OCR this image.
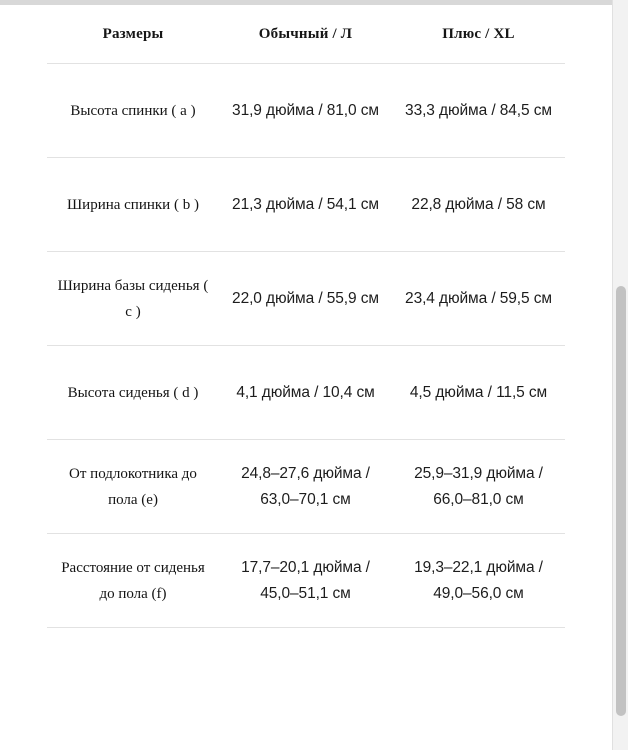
Размеры	Обычный / Л	Плюс / XL
Высота спинки ( a )	31,9 дюйма / 81,0 см	33,3 дюйма / 84,5 см
Ширина спинки ( b )	21,3 дюйма / 54,1 см	22,8 дюйма / 58 см
Ширина базы сиденья ( c )	22,0 дюйма / 55,9 см	23,4 дюйма / 59,5 см
Высота сиденья ( d )	4,1 дюйма / 10,4 см	4,5 дюйма / 11,5 см
От подлокотника до пола (e)	24,8–27,6 дюйма / 63,0–70,1 см	25,9–31,9 дюйма / 66,0–81,0 см
Расстояние от сиденья до пола (f)	17,7–20,1 дюйма / 45,0–51,1 см	19,3–22,1 дюйма / 49,0–56,0 см
